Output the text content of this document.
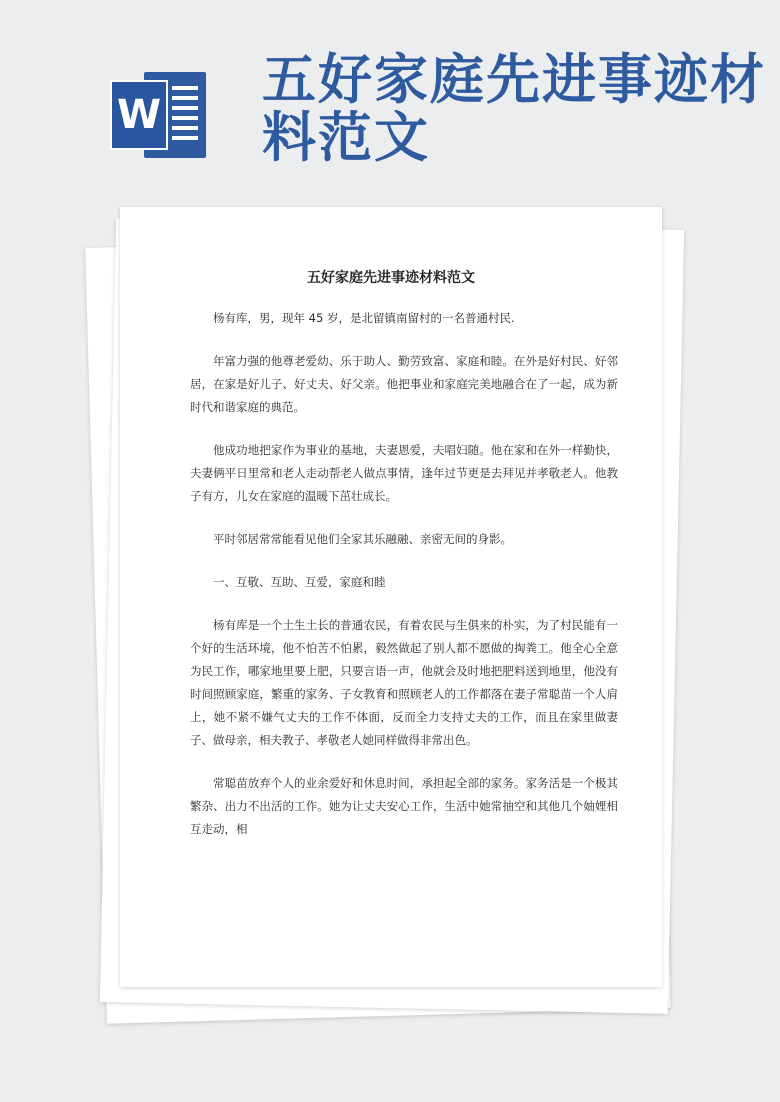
五好家庭先进事迹材料范文
W
五好家庭先进事迹材料范文

杨有库，男，现年 45 岁，是北留镇南留村的一名普通村民.

年富力强的他尊老爱幼、乐于助人、勤劳致富、家庭和睦。在外是好村民、好邻居，在家是好儿子、好丈夫、好父亲。他把事业和家庭完美地融合在了一起，成为新时代和谐家庭的典范。

他成功地把家作为事业的基地，夫妻恩爱，夫唱妇随。他在家和在外一样勤快，夫妻俩平日里常和老人走动帮老人做点事情，逢年过节更是去拜见并孝敬老人。他教子有方，儿女在家庭的温暖下茁壮成长。

平时邻居常常能看见他们全家其乐融融、亲密无间的身影。

一、互敬、互助、互爱，家庭和睦

杨有库是一个土生土长的普通农民，有着农民与生俱来的朴实，为了村民能有一个好的生活环境，他不怕苦不怕累，毅然做起了别人都不愿做的掏粪工。他全心全意为民工作，哪家地里要上肥，只要言语一声，他就会及时地把肥料送到地里，他没有时间照顾家庭，繁重的家务、子女教育和照顾老人的工作都落在妻子常聪苗一个人肩上，她不紧不嫌气丈夫的工作不体面，反而全力支持丈夫的工作，而且在家里做妻子、做母亲，相夫教子、孝敬老人她同样做得非常出色。

常聪苗放弃个人的业余爱好和休息时间，承担起全部的家务。家务活是一个极其繁杂、出力不出活的工作。她为让丈夫安心工作，生活中她常抽空和其他几个妯娌相互走动，相
